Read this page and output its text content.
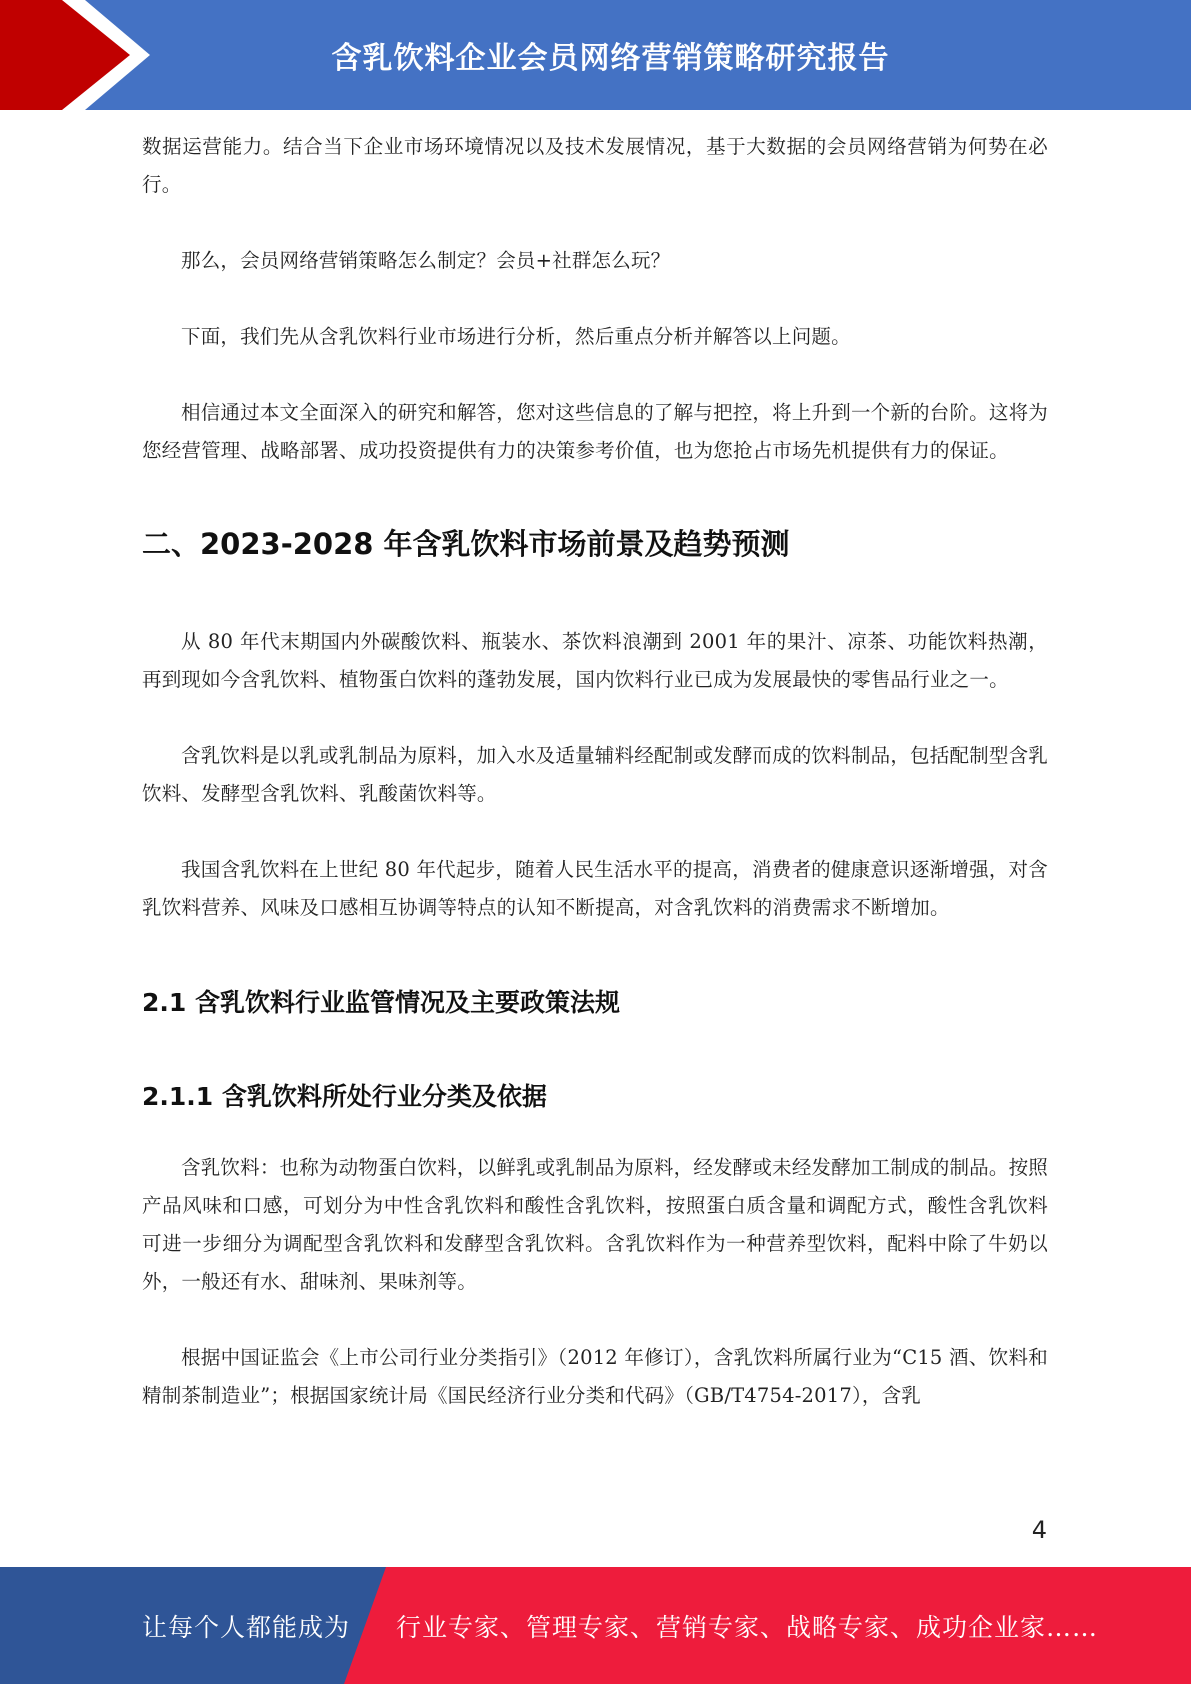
含乳饮料企业会员网络营销策略研究报告

数据运营能力。结合当下企业市场环境情况以及技术发展情况，基于大数据的会员网络营销为何势在必行。

那么，会员网络营销策略怎么制定？会员+社群怎么玩？

下面，我们先从含乳饮料行业市场进行分析，然后重点分析并解答以上问题。

相信通过本文全面深入的研究和解答，您对这些信息的了解与把控，将上升到一个新的台阶。这将为您经营管理、战略部署、成功投资提供有力的决策参考价值，也为您抢占市场先机提供有力的保证。

二、2023-2028 年含乳饮料市场前景及趋势预测

从 80 年代末期国内外碳酸饮料、瓶装水、茶饮料浪潮到 2001 年的果汁、凉茶、功能饮料热潮，再到现如今含乳饮料、植物蛋白饮料的蓬勃发展，国内饮料行业已成为发展最快的零售品行业之一。

含乳饮料是以乳或乳制品为原料，加入水及适量辅料经配制或发酵而成的饮料制品，包括配制型含乳饮料、发酵型含乳饮料、乳酸菌饮料等。

我国含乳饮料在上世纪 80 年代起步，随着人民生活水平的提高，消费者的健康意识逐渐增强，对含乳饮料营养、风味及口感相互协调等特点的认知不断提高，对含乳饮料的消费需求不断增加。

2.1 含乳饮料行业监管情况及主要政策法规
2.1.1 含乳饮料所处行业分类及依据

含乳饮料：也称为动物蛋白饮料，以鲜乳或乳制品为原料，经发酵或未经发酵加工制成的制品。按照产品风味和口感，可划分为中性含乳饮料和酸性含乳饮料，按照蛋白质含量和调配方式，酸性含乳饮料可进一步细分为调配型含乳饮料和发酵型含乳饮料。含乳饮料作为一种营养型饮料，配料中除了牛奶以外，一般还有水、甜味剂、果味剂等。

根据中国证监会《上市公司行业分类指引》（2012 年修订），含乳饮料所属行业为“C15 酒、饮料和精制茶制造业”；根据国家统计局《国民经济行业分类和代码》（GB/T4754-2017），含乳

4
让每个人都能成为 行业专家、管理专家、营销专家、战略专家、成功企业家……
